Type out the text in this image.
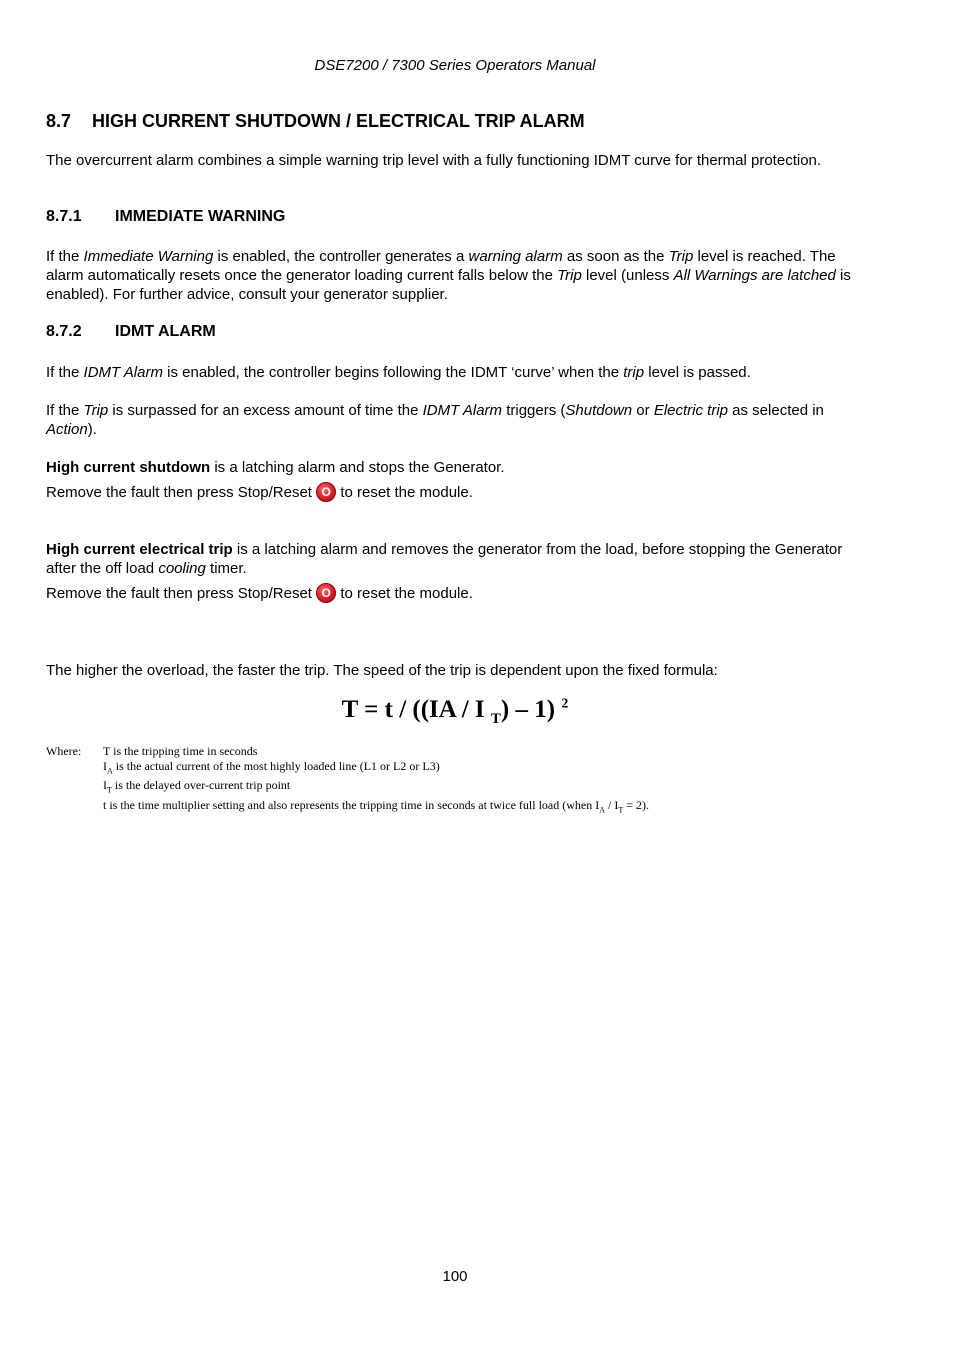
DSE7200 / 7300 Series Operators Manual
8.7 HIGH CURRENT SHUTDOWN / ELECTRICAL TRIP ALARM
The overcurrent alarm combines a simple warning trip level with a fully functioning IDMT curve for thermal protection.
8.7.1 IMMEDIATE WARNING
If the Immediate Warning is enabled, the controller generates a warning alarm as soon as the Trip level is reached. The alarm automatically resets once the generator loading current falls below the Trip level (unless All Warnings are latched is enabled). For further advice, consult your generator supplier.
8.7.2 IDMT ALARM
If the IDMT Alarm is enabled, the controller begins following the IDMT ‘curve’ when the trip level is passed.
If the Trip is surpassed for an excess amount of time the IDMT Alarm triggers (Shutdown or Electric trip as selected in Action).
High current shutdown is a latching alarm and stops the Generator.
Remove the fault then press Stop/Reset O to reset the module.
High current electrical trip is a latching alarm and removes the generator from the load, before stopping the Generator after the off load cooling timer.
Remove the fault then press Stop/Reset O to reset the module.
The higher the overload, the faster the trip. The speed of the trip is dependent upon the fixed formula:
T = t / ((IA / I $_T$) – 1) $^2$
Where: T is the tripping time in seconds
$I_A$ is the actual current of the most highly loaded line (L1 or L2 or L3)
$I_T$ is the delayed over-current trip point
t is the time multiplier setting and also represents the tripping time in seconds at twice full load (when $I_A / I_T = 2$).
100
